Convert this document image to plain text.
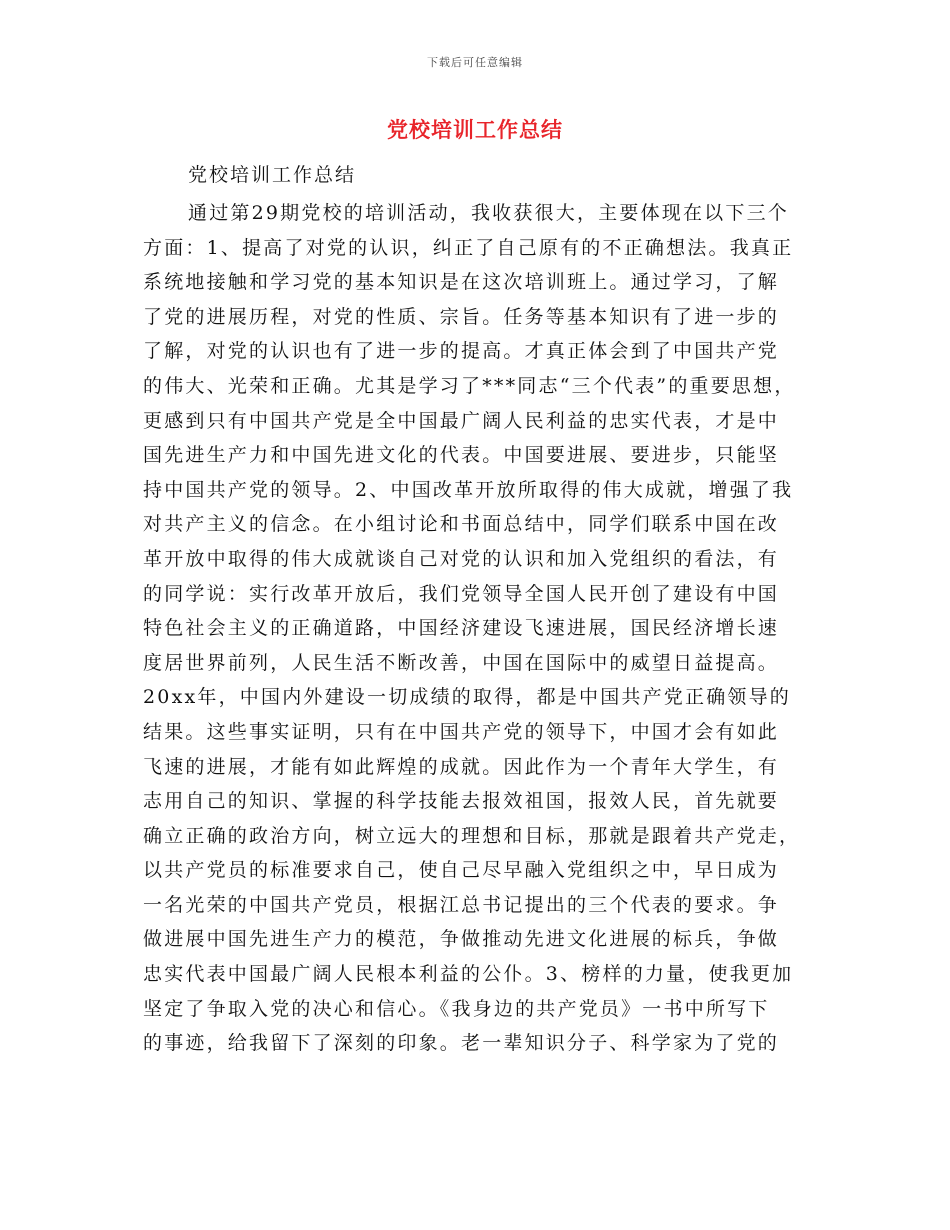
下载后可任意编辑
党校培训工作总结
党校培训工作总结
通过第29期党校的培训活动，我收获很大，主要体现在以下三个
方面：1、提高了对党的认识，纠正了自己原有的不正确想法。我真正
系统地接触和学习党的基本知识是在这次培训班上。通过学习，了解
了党的进展历程，对党的性质、宗旨。任务等基本知识有了进一步的
了解，对党的认识也有了进一步的提高。才真正体会到了中国共产党
的伟大、光荣和正确。尤其是学习了***同志“三个代表”的重要思想，
更感到只有中国共产党是全中国最广阔人民利益的忠实代表，才是中
国先进生产力和中国先进文化的代表。中国要进展、要进步，只能坚
持中国共产党的领导。2、中国改革开放所取得的伟大成就，增强了我
对共产主义的信念。在小组讨论和书面总结中，同学们联系中国在改
革开放中取得的伟大成就谈自己对党的认识和加入党组织的看法，有
的同学说：实行改革开放后，我们党领导全国人民开创了建设有中国
特色社会主义的正确道路，中国经济建设飞速进展，国民经济增长速
度居世界前列，人民生活不断改善，中国在国际中的威望日益提高。
20xx年，中国内外建设一切成绩的取得，都是中国共产党正确领导的
结果。这些事实证明，只有在中国共产党的领导下，中国才会有如此
飞速的进展，才能有如此辉煌的成就。因此作为一个青年大学生，有
志用自己的知识、掌握的科学技能去报效祖国，报效人民，首先就要
确立正确的政治方向，树立远大的理想和目标，那就是跟着共产党走，
以共产党员的标准要求自己，使自己尽早融入党组织之中，早日成为
一名光荣的中国共产党员，根据江总书记提出的三个代表的要求。争
做进展中国先进生产力的模范，争做推动先进文化进展的标兵，争做
忠实代表中国最广阔人民根本利益的公仆。3、榜样的力量，使我更加
坚定了争取入党的决心和信心。《我身边的共产党员》一书中所写下
的事迹，给我留下了深刻的印象。老一辈知识分子、科学家为了党的
